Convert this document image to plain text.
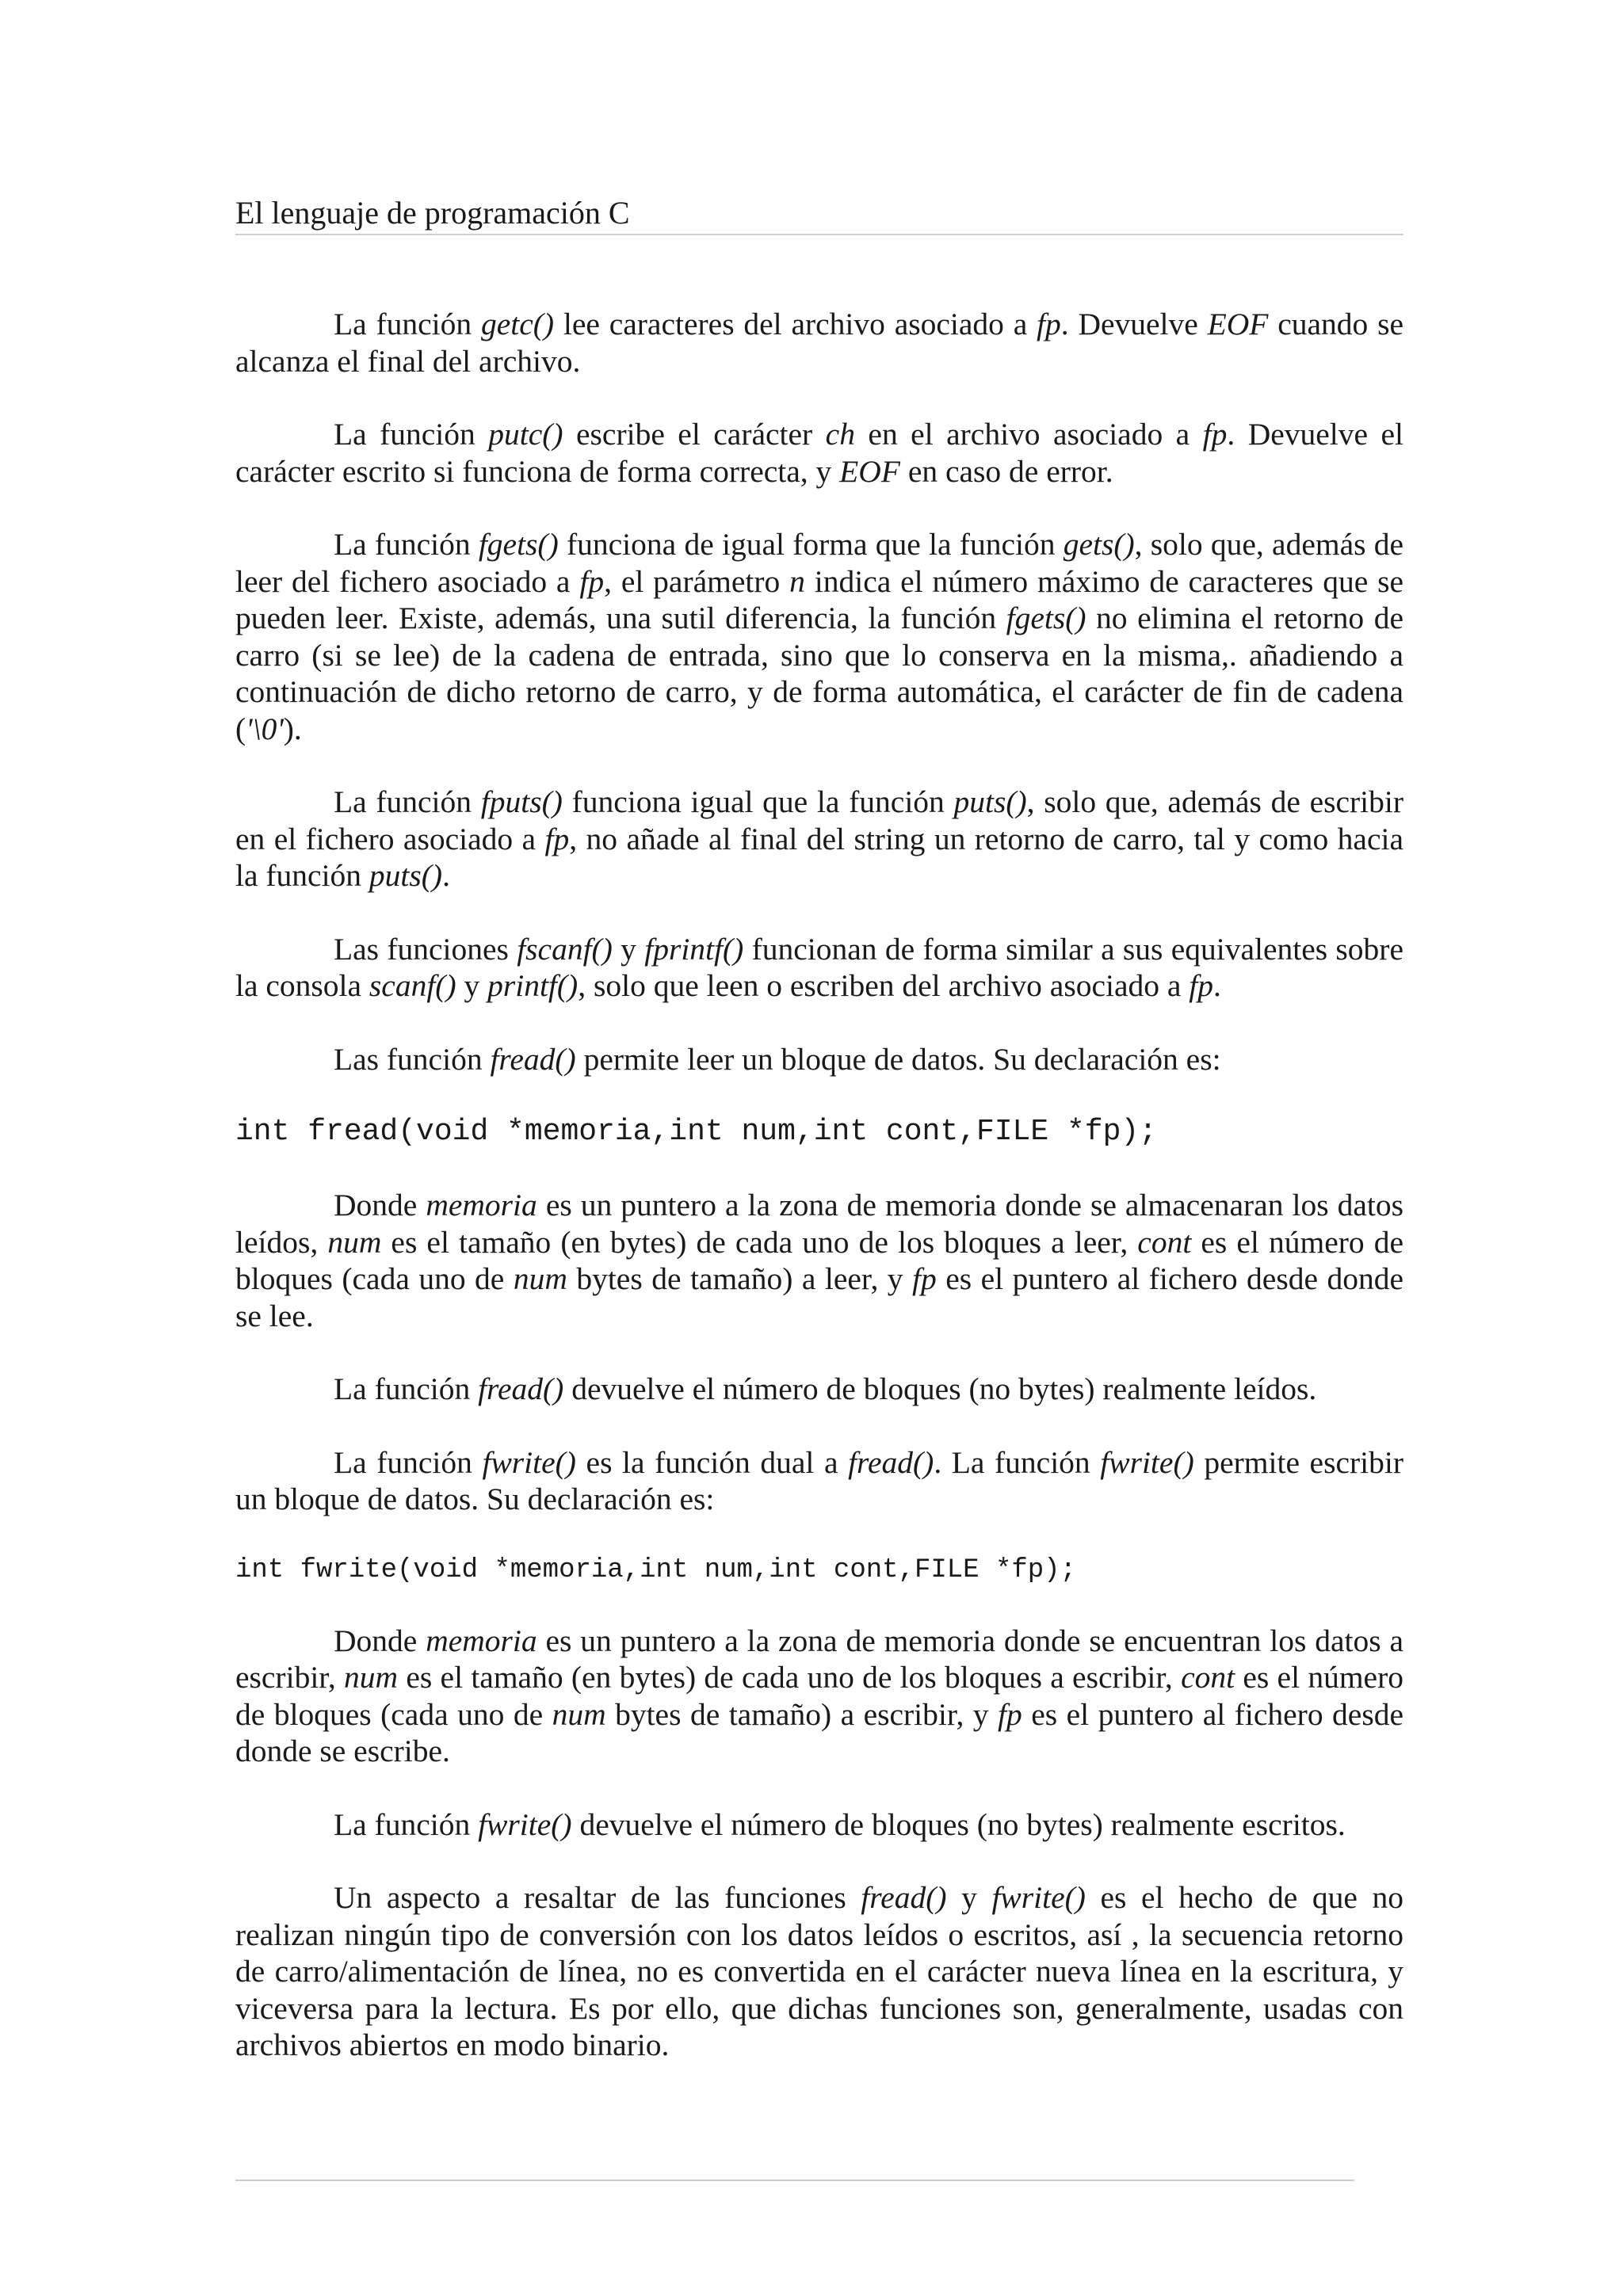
El lenguaje de programación C

La función getc() lee caracteres del archivo asociado a fp. Devuelve EOF cuando se alcanza el final del archivo.

La función putc() escribe el carácter ch en el archivo asociado a fp. Devuelve el carácter escrito si funciona de forma correcta, y EOF en caso de error.

La función fgets() funciona de igual forma que la función gets(), solo que, además de leer del fichero asociado a fp, el parámetro n indica el número máximo de caracteres que se pueden leer. Existe, además, una sutil diferencia, la función fgets() no elimina el retorno de carro (si se lee) de la cadena de entrada, sino que lo conserva en la misma,. añadiendo a continuación de dicho retorno de carro, y de forma automática, el carácter de fin de cadena ('\0').

La función fputs() funciona igual que la función puts(), solo que, además de escribir en el fichero asociado a fp, no añade al final del string un retorno de carro, tal y como hacia la función puts().

Las funciones fscanf() y fprintf() funcionan de forma similar a sus equivalentes sobre la consola scanf() y printf(), solo que leen o escriben del archivo asociado a fp.

Las función fread() permite leer un bloque de datos. Su declaración es:

int fread(void *memoria,int num,int cont,FILE *fp);

Donde memoria es un puntero a la zona de memoria donde se almacenaran los datos leídos, num es el tamaño (en bytes) de cada uno de los bloques a leer, cont es el número de bloques (cada uno de num bytes de tamaño) a leer, y fp es el puntero al fichero desde donde se lee.

La función fread() devuelve el número de bloques (no bytes) realmente leídos.

La función fwrite() es la función dual a fread(). La función fwrite() permite escribir un bloque de datos. Su declaración es:

int fwrite(void *memoria,int num,int cont,FILE *fp);

Donde memoria es un puntero a la zona de memoria donde se encuentran los datos a escribir, num es el tamaño (en bytes) de cada uno de los bloques a escribir, cont es el número de bloques (cada uno de num bytes de tamaño) a escribir, y fp es el puntero al fichero desde donde se escribe.

La función fwrite() devuelve el número de bloques (no bytes) realmente escritos.

Un aspecto a resaltar de las funciones fread() y fwrite() es el hecho de que no realizan ningún tipo de conversión con los datos leídos o escritos, así , la secuencia retorno de carro/alimentación de línea, no es convertida en el carácter nueva línea en la escritura, y viceversa para la lectura. Es por ello, que dichas funciones son, generalmente, usadas con archivos abiertos en modo binario.
